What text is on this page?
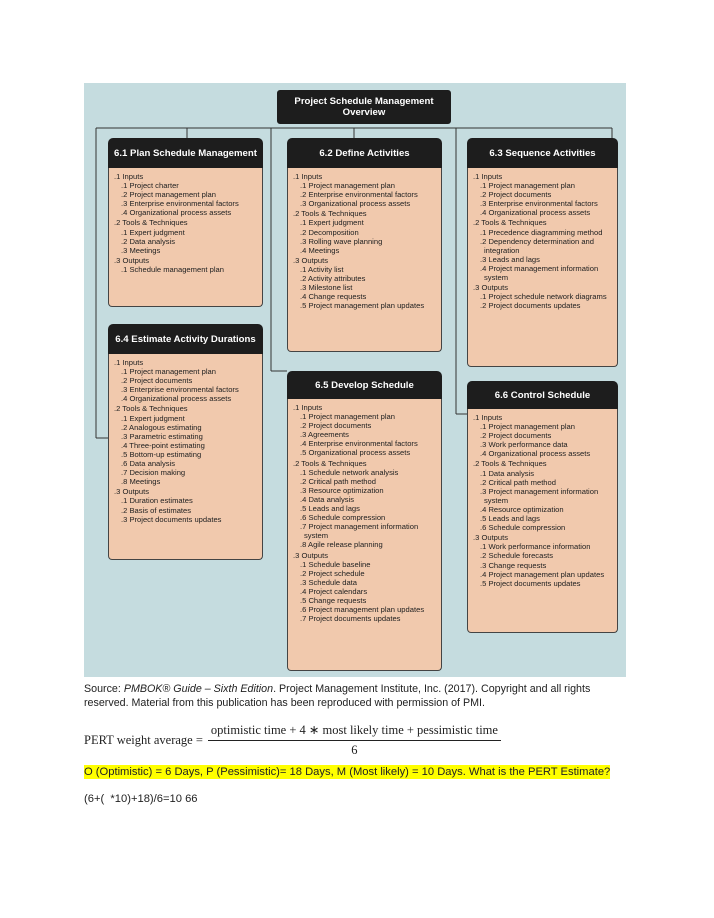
Project Schedule Management Overview
6.1 Plan Schedule Management
.1 Inputs
.1 Project charter
.2 Project management plan
.3 Enterprise environmental factors
.4 Organizational process assets
.2 Tools & Techniques
.1 Expert judgment
.2 Data analysis
.3 Meetings
.3 Outputs
.1 Schedule management plan
6.2 Define Activities
.1 Inputs
.1 Project management plan
.2 Enterprise environmental factors
.3 Organizational process assets
.2 Tools & Techniques
.1 Expert judgment
.2 Decomposition
.3 Rolling wave planning
.4 Meetings
.3 Outputs
.1 Activity list
.2 Activity attributes
.3 Milestone list
.4 Change requests
.5 Project management plan updates
6.3 Sequence Activities
.1 Inputs
.1 Project management plan
.2 Project documents
.3 Enterprise environmental factors
.4 Organizational process assets
.2 Tools & Techniques
.1 Precedence diagramming method
.2 Dependency determination and integration
.3 Leads and lags
.4 Project management information system
.3 Outputs
.1 Project schedule network diagrams
.2 Project documents updates
6.4 Estimate Activity Durations
.1 Inputs
.1 Project management plan
.2 Project documents
.3 Enterprise environmental factors
.4 Organizational process assets
.2 Tools & Techniques
.1 Expert judgment
.2 Analogous estimating
.3 Parametric estimating
.4 Three-point estimating
.5 Bottom-up estimating
.6 Data analysis
.7 Decision making
.8 Meetings
.3 Outputs
.1 Duration estimates
.2 Basis of estimates
.3 Project documents updates
6.5 Develop Schedule
.1 Inputs
.1 Project management plan
.2 Project documents
.3 Agreements
.4 Enterprise environmental factors
.5 Organizational process assets
.2 Tools & Techniques
.1 Schedule network analysis
.2 Critical path method
.3 Resource optimization
.4 Data analysis
.5 Leads and lags
.6 Schedule compression
.7 Project management information system
.8 Agile release planning
.3 Outputs
.1 Schedule baseline
.2 Project schedule
.3 Schedule data
.4 Project calendars
.5 Change requests
.6 Project management plan updates
.7 Project documents updates
6.6 Control Schedule
.1 Inputs
.1 Project management plan
.2 Project documents
.3 Work performance data
.4 Organizational process assets
.2 Tools & Techniques
.1 Data analysis
.2 Critical path method
.3 Project management information system
.4 Resource optimization
.5 Leads and lags
.6 Schedule compression
.3 Outputs
.1 Work performance information
.2 Schedule forecasts
.3 Change requests
.4 Project management plan updates
.5 Project documents updates

Source: PMBOK® Guide – Sixth Edition. Project Management Institute, Inc. (2017). Copyright and all rights reserved. Material from this publication has been reproduced with permission of PMI.

PERT weight average = $\frac{\text{optimistic time + 4 ∗ most likely time + pessimistic time}}{6}$
O (Optimistic) = 6 Days, P (Pessimistic)= 18 Days, M (Most likely) = 10 Days. What is the PERT Estimate?
(6+(  *10)+18)/6=10 66
